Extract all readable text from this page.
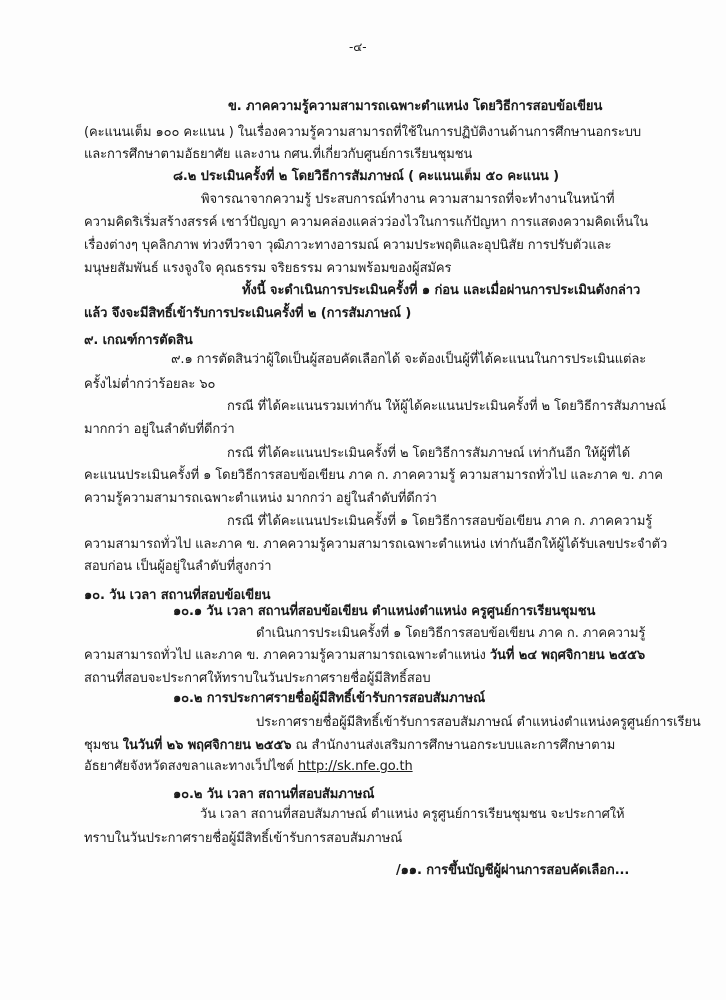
-๔-
ข. ภาคความรู้ความสามารถเฉพาะตำแหน่ง โดยวิธีการสอบข้อเขียน
(คะแนนเต็ม ๑๐๐ คะแนน ) ในเรื่องความรู้ความสามารถที่ใช้ในการปฏิบัติงานด้านการศึกษานอกระบบ
และการศึกษาตามอัธยาศัย และงาน กศน.ที่เกี่ยวกับศูนย์การเรียนชุมชน
๘.๒ ประเมินครั้งที่ ๒ โดยวิธีการสัมภาษณ์ ( คะแนนเต็ม ๕๐ คะแนน )
พิจารณาจากความรู้ ประสบการณ์ทำงาน ความสามารถที่จะทำงานในหน้าที่
ความคิดริเริ่มสร้างสรรค์ เชาว์ปัญญา ความคล่องแคล่วว่องไวในการแก้ปัญหา การแสดงความคิดเห็นใน
เรื่องต่างๆ บุคลิกภาพ ท่วงทีวาจา วุฒิภาวะทางอารมณ์ ความประพฤติและอุปนิสัย การปรับตัวและ
มนุษยสัมพันธ์ แรงจูงใจ คุณธรรม จริยธรรม ความพร้อมของผู้สมัคร
ทั้งนี้ จะดำเนินการประเมินครั้งที่ ๑ ก่อน และเมื่อผ่านการประเมินดังกล่าว
แล้ว จึงจะมีสิทธิ์เข้ารับการประเมินครั้งที่ ๒ (การสัมภาษณ์ )
๙. เกณฑ์การตัดสิน
๙.๑ การตัดสินว่าผู้ใดเป็นผู้สอบคัดเลือกได้ จะต้องเป็นผู้ที่ได้คะแนนในการประเมินแต่ละ
ครั้งไม่ต่ำกว่าร้อยละ ๖๐
กรณี ที่ได้คะแนนรวมเท่ากัน ให้ผู้ได้คะแนนประเมินครั้งที่ ๒ โดยวิธีการสัมภาษณ์
มากกว่า อยู่ในลำดับที่ดีกว่า
กรณี ที่ได้คะแนนประเมินครั้งที่ ๒ โดยวิธีการสัมภาษณ์ เท่ากันอีก ให้ผู้ที่ได้
คะแนนประเมินครั้งที่ ๑ โดยวิธีการสอบข้อเขียน ภาค ก. ภาคความรู้ ความสามารถทั่วไป และภาค ข. ภาค
ความรู้ความสามารถเฉพาะตำแหน่ง มากกว่า อยู่ในลำดับที่ดีกว่า
กรณี ที่ได้คะแนนประเมินครั้งที่ ๑ โดยวิธีการสอบข้อเขียน ภาค ก. ภาคความรู้
ความสามารถทั่วไป และภาค ข. ภาคความรู้ความสามารถเฉพาะตำแหน่ง เท่ากันอีกให้ผู้ได้รับเลขประจำตัว
สอบก่อน เป็นผู้อยู่ในลำดับที่สูงกว่า
๑๐. วัน เวลา สถานที่สอบข้อเขียน
๑๐.๑ วัน เวลา สถานที่สอบข้อเขียน ตำแหน่งตำแหน่ง ครูศูนย์การเรียนชุมชน
ดำเนินการประเมินครั้งที่ ๑ โดยวิธีการสอบข้อเขียน ภาค ก. ภาคความรู้
ความสามารถทั่วไป และภาค ข. ภาคความรู้ความสามารถเฉพาะตำแหน่ง วันที่ ๒๔ พฤศจิกายน ๒๕๕๖
สถานที่สอบจะประกาศให้ทราบในวันประกาศรายชื่อผู้มีสิทธิ์สอบ
๑๐.๒ การประกาศรายชื่อผู้มีสิทธิ์เข้ารับการสอบสัมภาษณ์
ประกาศรายชื่อผู้มีสิทธิ์เข้ารับการสอบสัมภาษณ์ ตำแหน่งตำแหน่งครูศูนย์การเรียน
ชุมชน ในวันที่ ๒๖ พฤศจิกายน ๒๕๕๖ ณ สำนักงานส่งเสริมการศึกษานอกระบบและการศึกษาตาม
อัธยาศัยจังหวัดสงขลาและทางเว็ปไซต์ http://sk.nfe.go.th
๑๐.๒ วัน เวลา สถานที่สอบสัมภาษณ์
วัน เวลา สถานที่สอบสัมภาษณ์ ตำแหน่ง ครูศูนย์การเรียนชุมชน จะประกาศให้
ทราบในวันประกาศรายชื่อผู้มีสิทธิ์เข้ารับการสอบสัมภาษณ์
/๑๑. การขึ้นบัญชีผู้ผ่านการสอบคัดเลือก...
